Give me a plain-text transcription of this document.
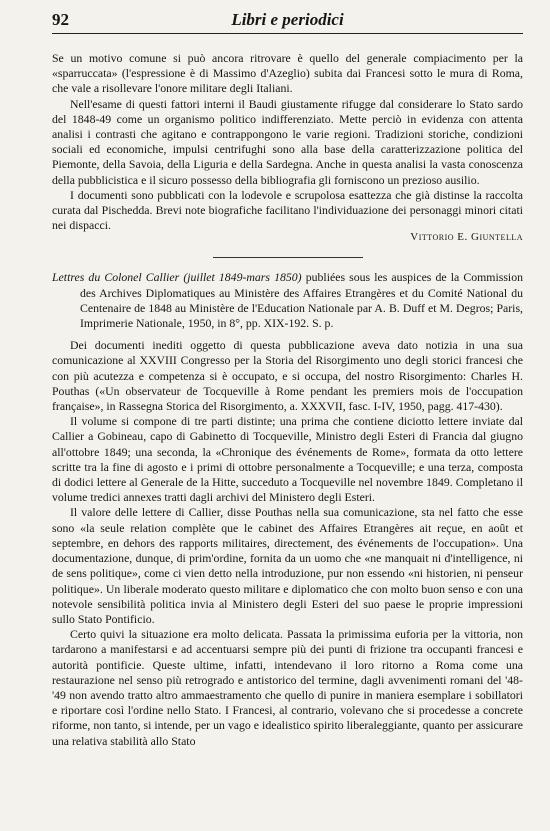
92	Libri e periodici

Se un motivo comune si può ancora ritrovare è quello del generale compiacimento per la «sparruccata» (l'espressione è di Massimo d'Azeglio) subita dai Francesi sotto le mura di Roma, che vale a risollevare l'onore militare degli Italiani.

Nell'esame di questi fattori interni il Baudi giustamente rifugge dal considerare lo Stato sardo del 1848-49 come un organismo politico indifferenziato. Mette perciò in evidenza con attenta analisi i contrasti che agitano e contrappongono le varie regioni. Tradizioni storiche, condizioni sociali ed economiche, impulsi centrifughi sono alla base della caratterizzazione politica del Piemonte, della Savoia, della Liguria e della Sardegna. Anche in questa analisi la vasta conoscenza della pubblicistica e il sicuro possesso della bibliografia gli forniscono un prezioso ausilio.

I documenti sono pubblicati con la lodevole e scrupolosa esattezza che già distinse la raccolta curata dal Pischedda. Brevi note biografiche facilitano l'individuazione dei personaggi minori citati nei dispacci.

Vittorio E. Giuntella

Lettres du Colonel Callier (juillet 1849-mars 1850) publiées sous les auspices de la Commission des Archives Diplomatiques au Ministère des Affaires Etrangères et du Comité National du Centenaire de 1848 au Ministère de l'Education Nationale par A. B. Duff et M. Degros; Paris, Imprimerie Nationale, 1950, in 8°, pp. XIX-192. S. p.

Dei documenti inediti oggetto di questa pubblicazione aveva dato notizia in una sua comunicazione al XXVIII Congresso per la Storia del Risorgimento uno degli storici francesi che con più acutezza e competenza si è occupato, e si occupa, del nostro Risorgimento: Charles H. Pouthas («Un observateur de Tocqueville à Rome pendant les premiers mois de l'occupation française», in Rassegna Storica del Risorgimento, a. XXXVII, fasc. I-IV, 1950, pagg. 417-430).

Il volume si compone di tre parti distinte; una prima che contiene diciotto lettere inviate dal Callier a Gobineau, capo di Gabinetto di Tocqueville, Ministro degli Esteri di Francia dal giugno all'ottobre 1849; una seconda, la «Chronique des événements de Rome», formata da otto lettere scritte tra la fine di agosto e i primi di ottobre personalmente a Tocqueville; e una terza, composta di dodici lettere al Generale de la Hitte, succeduto a Tocqueville nel novembre 1849. Completano il volume tredici annexes tratti dagli archivi del Ministero degli Esteri.

Il valore delle lettere di Callier, disse Pouthas nella sua comunicazione, sta nel fatto che esse sono «la seule relation complète que le cabinet des Affaires Etrangères ait reçue, en août et septembre, en dehors des rapports militaires, directement, des événements de l'occupation». Una documentazione, dunque, di prim'ordine, fornita da un uomo che «ne manquait ni d'intelligence, ni de sens politique», come ci vien detto nella introduzione, pur non essendo «ni historien, ni penseur politique». Un liberale moderato questo militare e diplomatico che con molto buon senso e con una notevole sensibilità politica invia al Ministero degli Esteri del suo paese le proprie impressioni sullo Stato Pontificio.

Certo quivi la situazione era molto delicata. Passata la primissima euforia per la vittoria, non tardarono a manifestarsi e ad accentuarsi sempre più dei punti di frizione tra occupanti francesi e autorità pontificie. Queste ultime, infatti, intendevano il loro ritorno a Roma come una restaurazione nel senso più retrogrado e antistorico del termine, dagli avvenimenti romani del '48-'49 non avendo tratto altro ammaestramento che quello di punire in maniera esemplare i sobillatori e riportare così l'ordine nello Stato. I Francesi, al contrario, volevano che si procedesse a concrete riforme, non tanto, si intende, per un vago e idealistico spirito liberaleggiante, quanto per assicurare una relativa stabilità allo Stato
